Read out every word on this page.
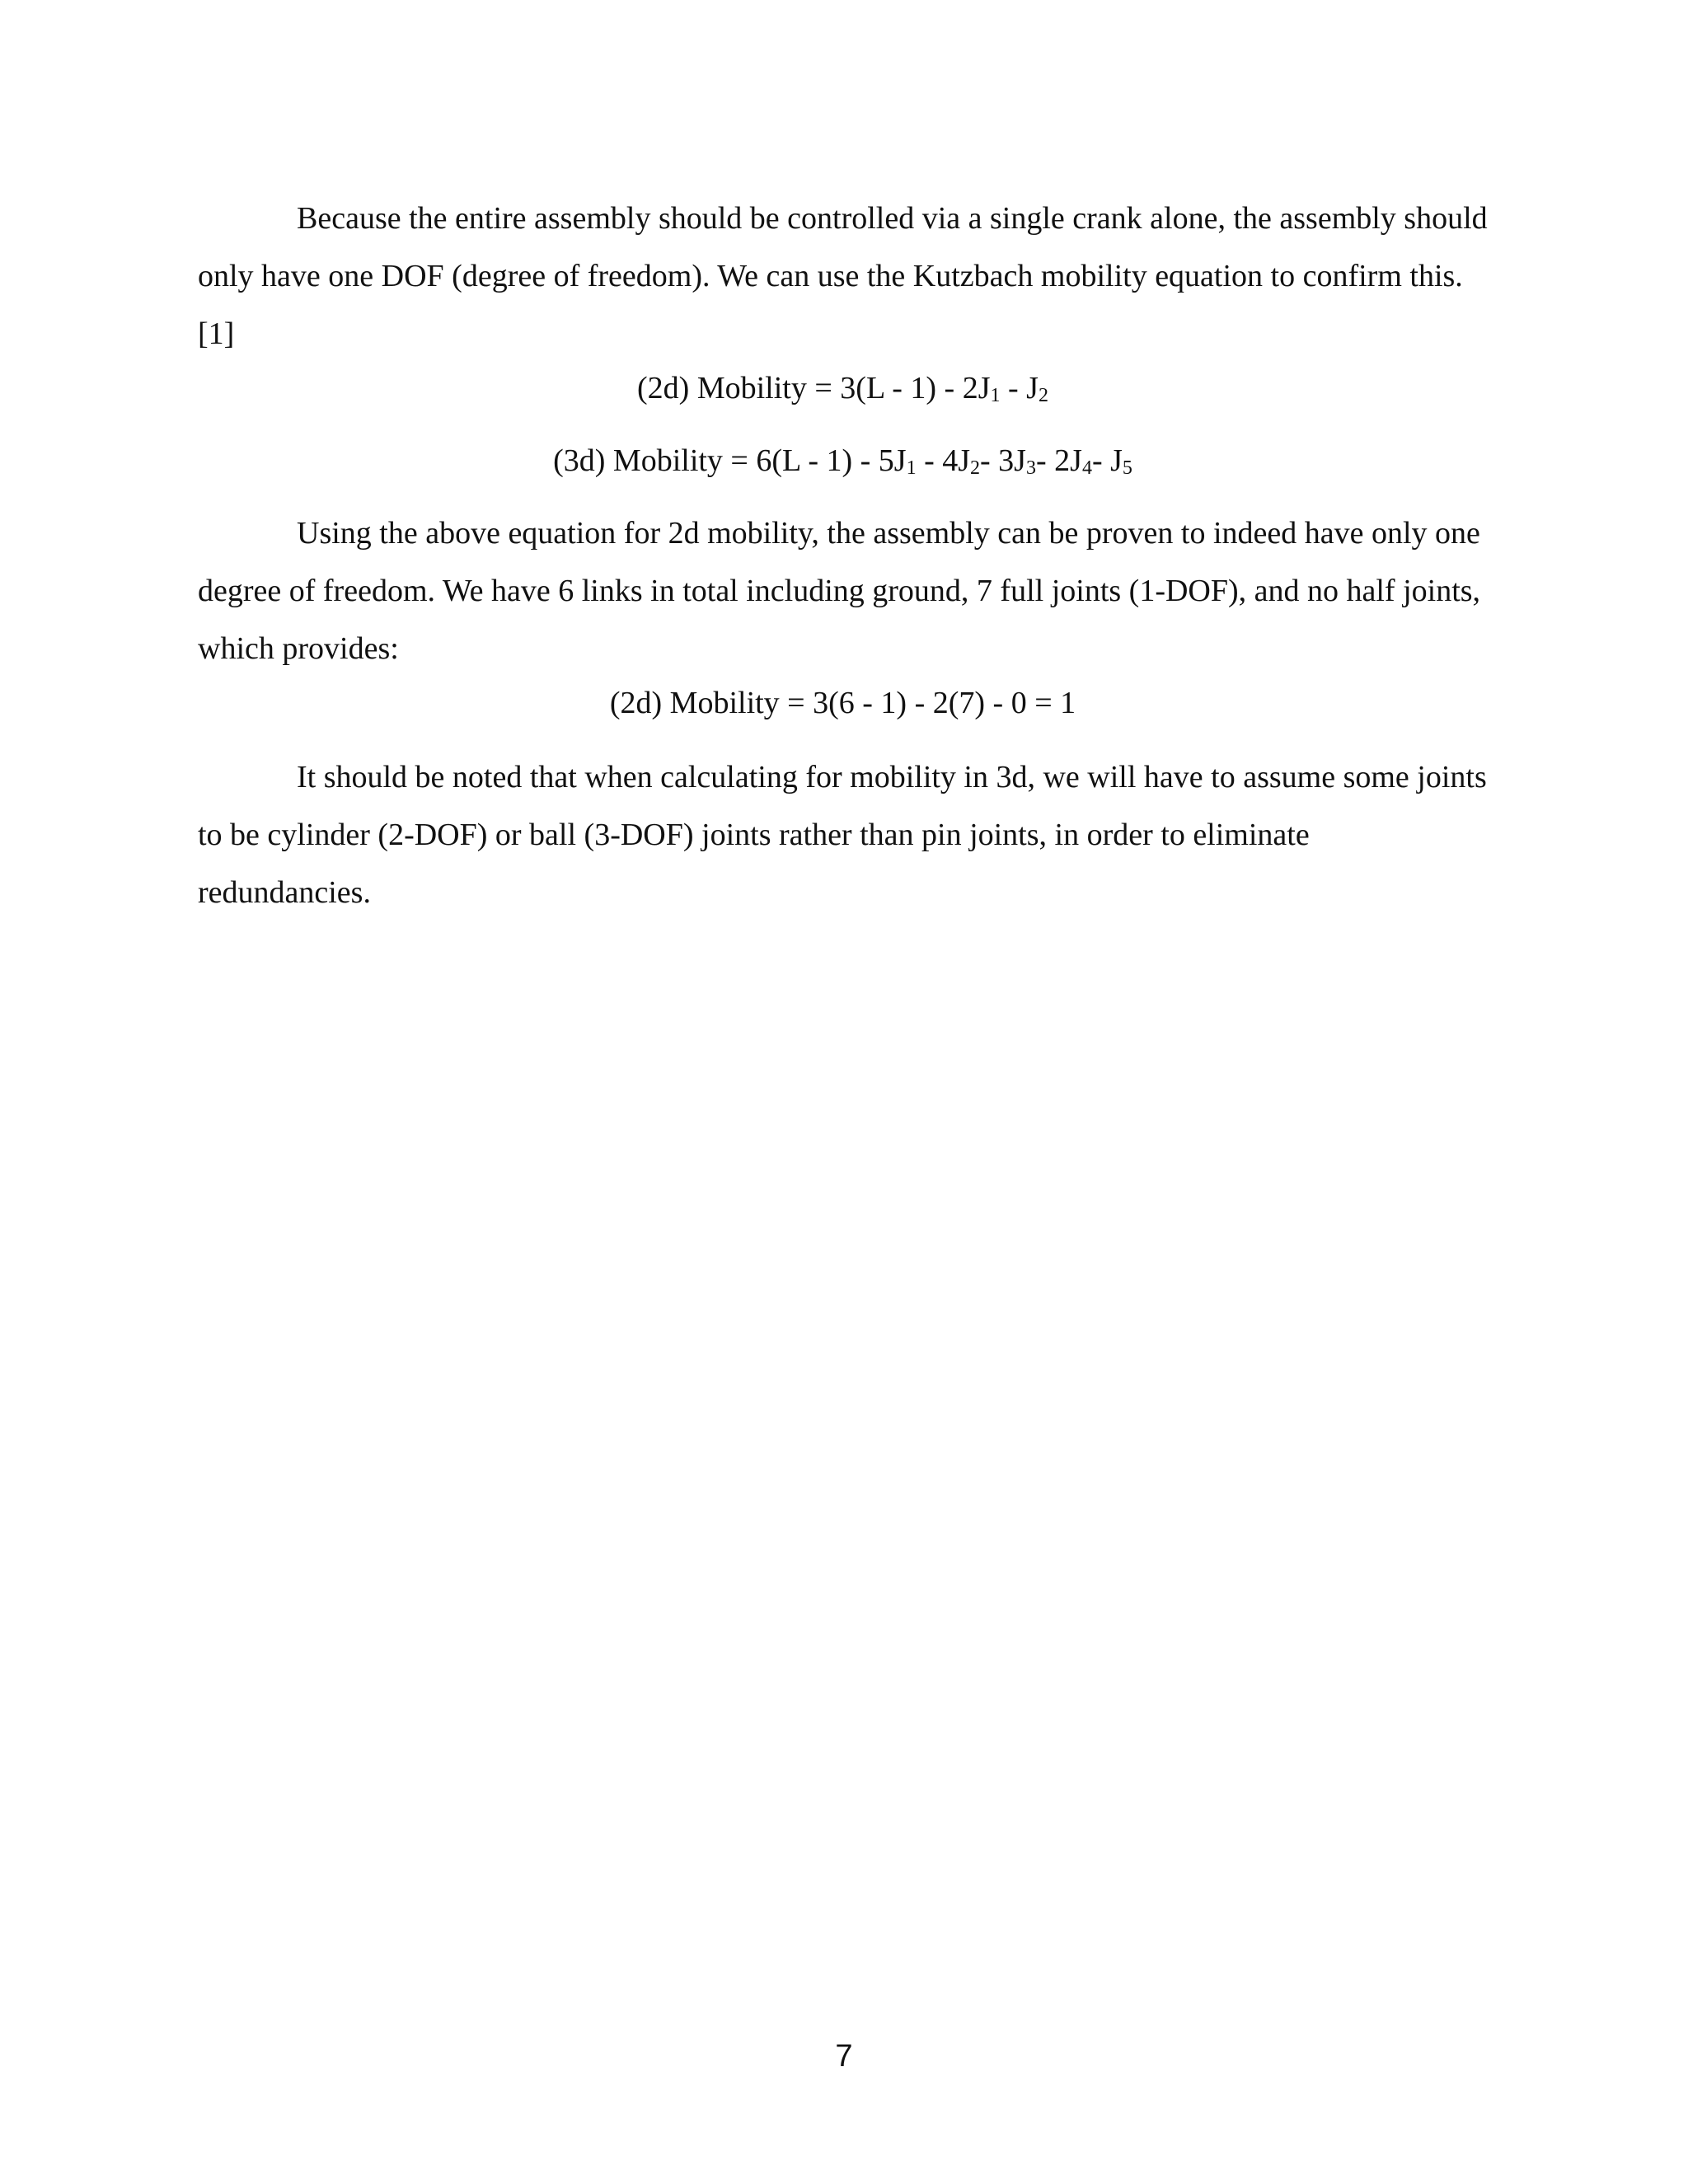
Because the entire assembly should be controlled via a single crank alone, the assembly should only have one DOF (degree of freedom). We can use the Kutzbach mobility equation to confirm this. [1]

(2d) Mobility = $3(L - 1) - 2J_1 - J_2$

(3d) Mobility = $6(L - 1) - 5J_1 - 4J_2-$ $3J_3-$ $2J_4-$ $J_5$

Using the above equation for 2d mobility, the assembly can be proven to indeed have only one degree of freedom. We have 6 links in total including ground, 7 full joints (1-DOF), and no half joints, which provides:

(2d) Mobility = 3(6 - 1) - 2(7) - 0 = 1

It should be noted that when calculating for mobility in 3d, we will have to assume some joints to be cylinder (2-DOF) or ball (3-DOF) joints rather than pin joints, in order to eliminate redundancies.

7
